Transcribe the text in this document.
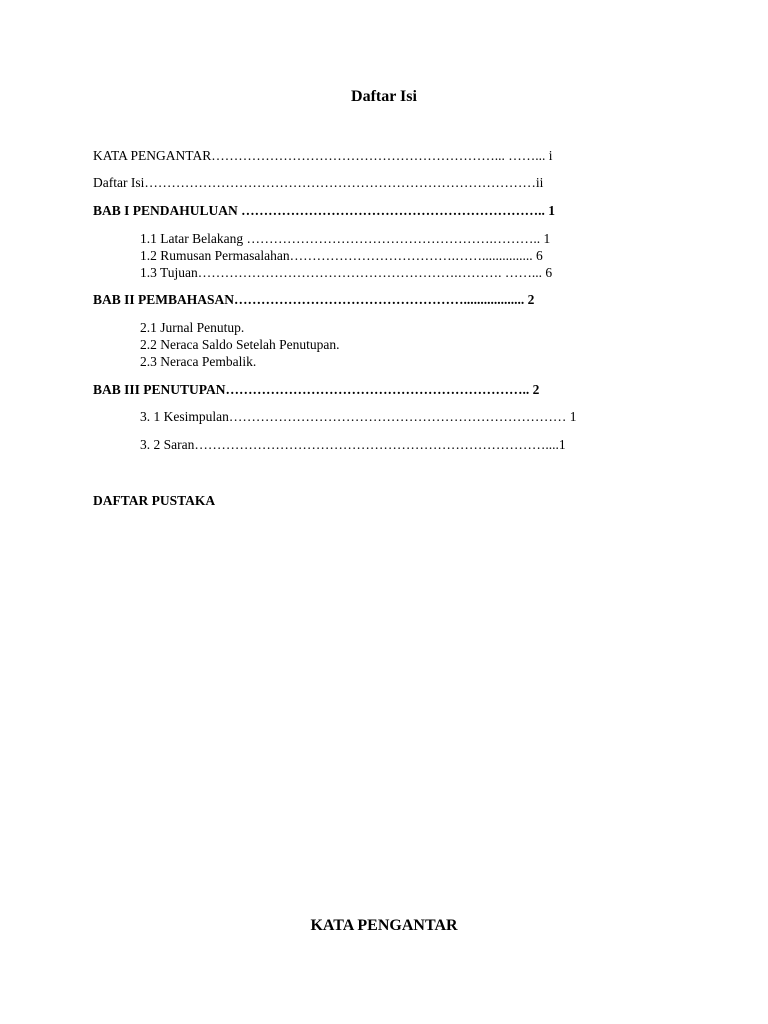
Daftar Isi
KATA PENGANTAR………………………………………………………... ……... i
Daftar Isi……………………………………………………………………………ii
BAB I PENDAHULUAN ………………………………………………………….. 1
1.1 Latar Belakang ……………………………………………….……….. 1
1.2 Rumusan Permasalahan……………………………….……............... 6
1.3 Tujuan………………………………………………….………. ……... 6
BAB II PEMBAHASAN…………………………………………….................. 2
2.1 Jurnal Penutup.
2.2 Neraca Saldo Setelah Penutupan.
2.3 Neraca Pembalik.
BAB III PENUTUPAN………………………………………………………….. 2
3. 1 Kesimpulan………………………………………………………………… 1
3. 2 Saran……………………………………………………………………....1
DAFTAR PUSTAKA
KATA PENGANTAR
